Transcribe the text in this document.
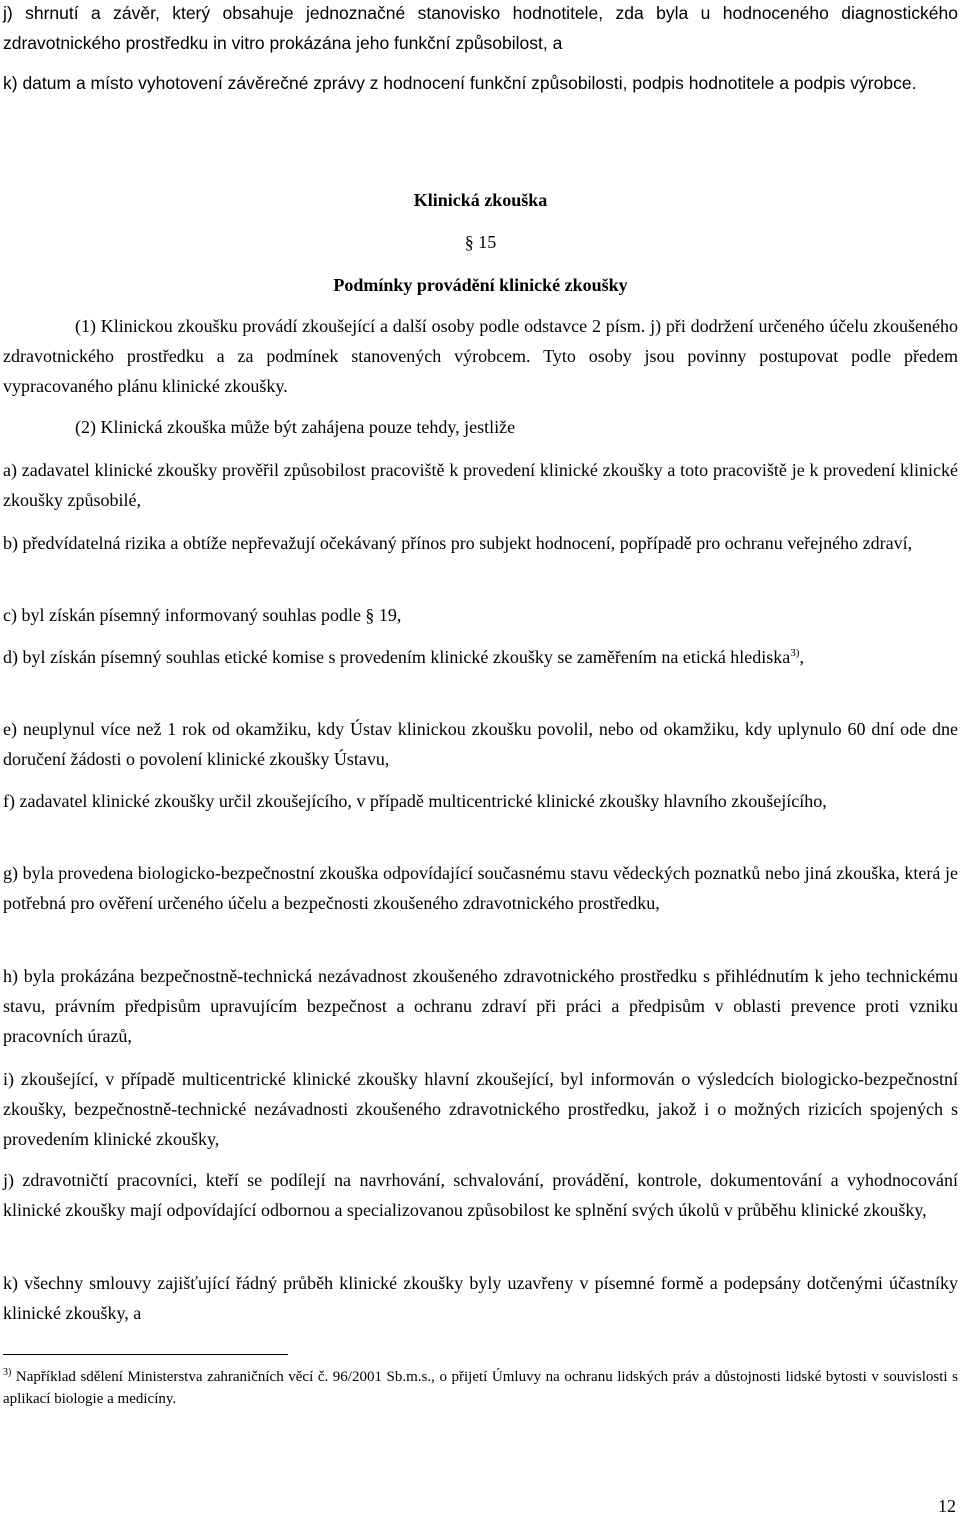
j) shrnutí a závěr, který obsahuje jednoznačné stanovisko hodnotitele, zda byla u hodnoceného diagnostického zdravotnického prostředku in vitro prokázána jeho funkční způsobilost, a

k) datum a místo vyhotovení závěrečné zprávy z hodnocení funkční způsobilosti, podpis hodnotitele a podpis výrobce.

Klinická zkouška

§ 15

Podmínky provádění klinické zkoušky

(1) Klinickou zkoušku provádí zkoušející a další osoby podle odstavce 2 písm. j) při dodržení určeného účelu zkoušeného zdravotnického prostředku a za podmínek stanovených výrobcem. Tyto osoby jsou povinny postupovat podle předem vypracovaného plánu klinické zkoušky.

(2) Klinická zkouška může být zahájena pouze tehdy, jestliže

a) zadavatel klinické zkoušky prověřil způsobilost pracoviště k provedení klinické zkoušky a toto pracoviště je k provedení klinické zkoušky způsobilé,

b) předvídatelná rizika a obtíže nepřevažují očekávaný přínos pro subjekt hodnocení, popřípadě pro ochranu veřejného zdraví,

c) byl získán písemný informovaný souhlas podle § 19,

d) byl získán písemný souhlas etické komise s provedením klinické zkoušky se zaměřením na etická hlediska$^{3)}$,

e) neuplynul více než 1 rok od okamžiku, kdy Ústav klinickou zkoušku povolil, nebo od okamžiku, kdy uplynulo 60 dní ode dne doručení žádosti o povolení klinické zkoušky Ústavu,

f) zadavatel klinické zkoušky určil zkoušejícího, v případě multicentrické klinické zkoušky hlavního zkoušejícího,

g) byla provedena biologicko-bezpečnostní zkouška odpovídající současnému stavu vědeckých poznatků nebo jiná zkouška, která je potřebná pro ověření určeného účelu a bezpečnosti zkoušeného zdravotnického prostředku,

h) byla prokázána bezpečnostně-technická nezávadnost zkoušeného zdravotnického prostředku s přihlédnutím k jeho technickému stavu, právním předpisům upravujícím bezpečnost a ochranu zdraví při práci a předpisům v oblasti prevence proti vzniku pracovních úrazů,

i) zkoušející, v případě multicentrické klinické zkoušky hlavní zkoušející, byl informován o výsledcích biologicko-bezpečnostní zkoušky, bezpečnostně-technické nezávadnosti zkoušeného zdravotnického prostředku, jakož i o možných rizicích spojených s provedením klinické zkoušky,

j) zdravotničtí pracovníci, kteří se podílejí na navrhování, schvalování, provádění, kontrole, dokumentování a vyhodnocování klinické zkoušky mají odpovídající odbornou a specializovanou způsobilost ke splnění svých úkolů v průběhu klinické zkoušky,

k) všechny smlouvy zajišťující řádný průběh klinické zkoušky byly uzavřeny v písemné formě a podepsány dotčenými účastníky klinické zkoušky, a

$^{3)}$ Například sdělení Ministerstva zahraničních věcí č. 96/2001 Sb.m.s., o přijetí Úmluvy na ochranu lidských práv a důstojnosti lidské bytosti v souvislosti s aplikací biologie a medicíny.

12
